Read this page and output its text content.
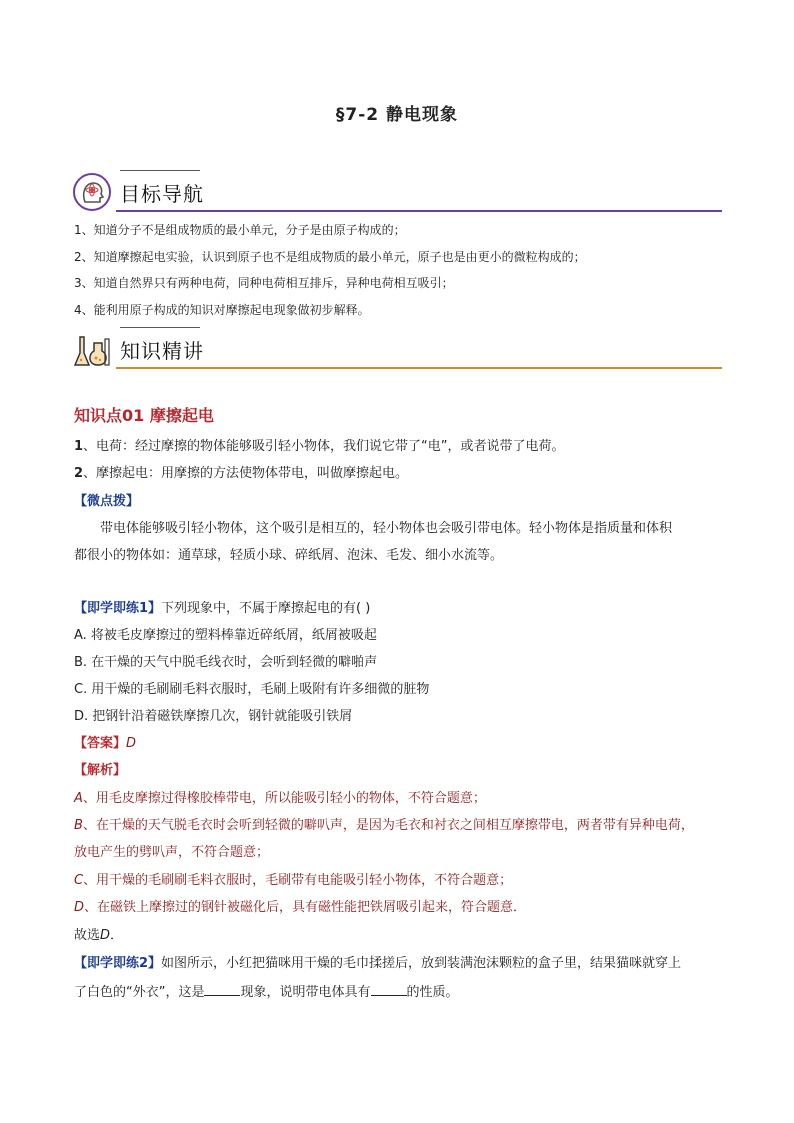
§7-2 静电现象
目标导航
1、知道分子不是组成物质的最小单元，分子是由原子构成的；
2、知道摩擦起电实验，认识到原子也不是组成物质的最小单元，原子也是由更小的微粒构成的；
3、知道自然界只有两种电荷，同种电荷相互排斥，异种电荷相互吸引；
4、能利用原子构成的知识对摩擦起电现象做初步解释。
知识精讲
知识点01 摩擦起电
1、电荷：经过摩擦的物体能够吸引轻小物体，我们说它带了“电”，或者说带了电荷。
2、摩擦起电：用摩擦的方法使物体带电，叫做摩擦起电。
【微点拨】
带电体能够吸引轻小物体，这个吸引是相互的，轻小物体也会吸引带电体。轻小物体是指质量和体积
都很小的物体如：通草球，轻质小球、碎纸屑、泡沫、毛发、细小水流等。
【即学即练1】下列现象中，不属于摩擦起电的有( )
A. 将被毛皮摩擦过的塑料棒靠近碎纸屑，纸屑被吸起
B. 在干燥的天气中脱毛线衣时，会听到轻微的噼啪声
C. 用干燥的毛刷刷毛料衣服时，毛刷上吸附有许多细微的脏物
D. 把钢针沿着磁铁摩擦几次，钢针就能吸引铁屑
【答案】D
【解析】
A、用毛皮摩擦过得橡胶棒带电，所以能吸引轻小的物体，不符合题意；
B、在干燥的天气脱毛衣时会听到轻微的噼叭声，是因为毛衣和衬衣之间相互摩擦带电，两者带有异种电荷，
放电产生的劈叭声，不符合题意；
C、用干燥的毛刷刷毛料衣服时，毛刷带有电能吸引轻小物体，不符合题意；
D、在磁铁上摩擦过的钢针被磁化后，具有磁性能把铁屑吸引起来，符合题意．
故选D．
【即学即练2】如图所示，小红把猫咪用干燥的毛巾揉搓后，放到装满泡沫颗粒的盒子里，结果猫咪就穿上
了白色的“外衣”，这是	现象，说明带电体具有	的性质。
